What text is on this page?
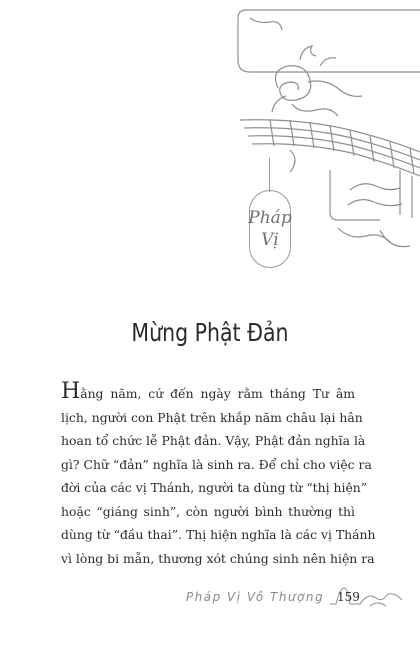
Pháp
Vị
Mừng Phật Đản
Hằng năm, cứ đến ngày rằm tháng Tư âm
lịch, người con Phật trên khắp năm châu lại hân
hoan tổ chức lễ Phật đản. Vậy, Phật đản nghĩa là
gì? Chữ “đản” nghĩa là sinh ra. Để chỉ cho việc ra
đời của các vị Thánh, người ta dùng từ “thị hiện”
hoặc “giáng sinh”, còn người bình thường thì
dùng từ “đầu thai”. Thị hiện nghĩa là các vị Thánh
vì lòng bi mẫn, thương xót chúng sinh nên hiện ra
Pháp Vị Vô Thượng 159
